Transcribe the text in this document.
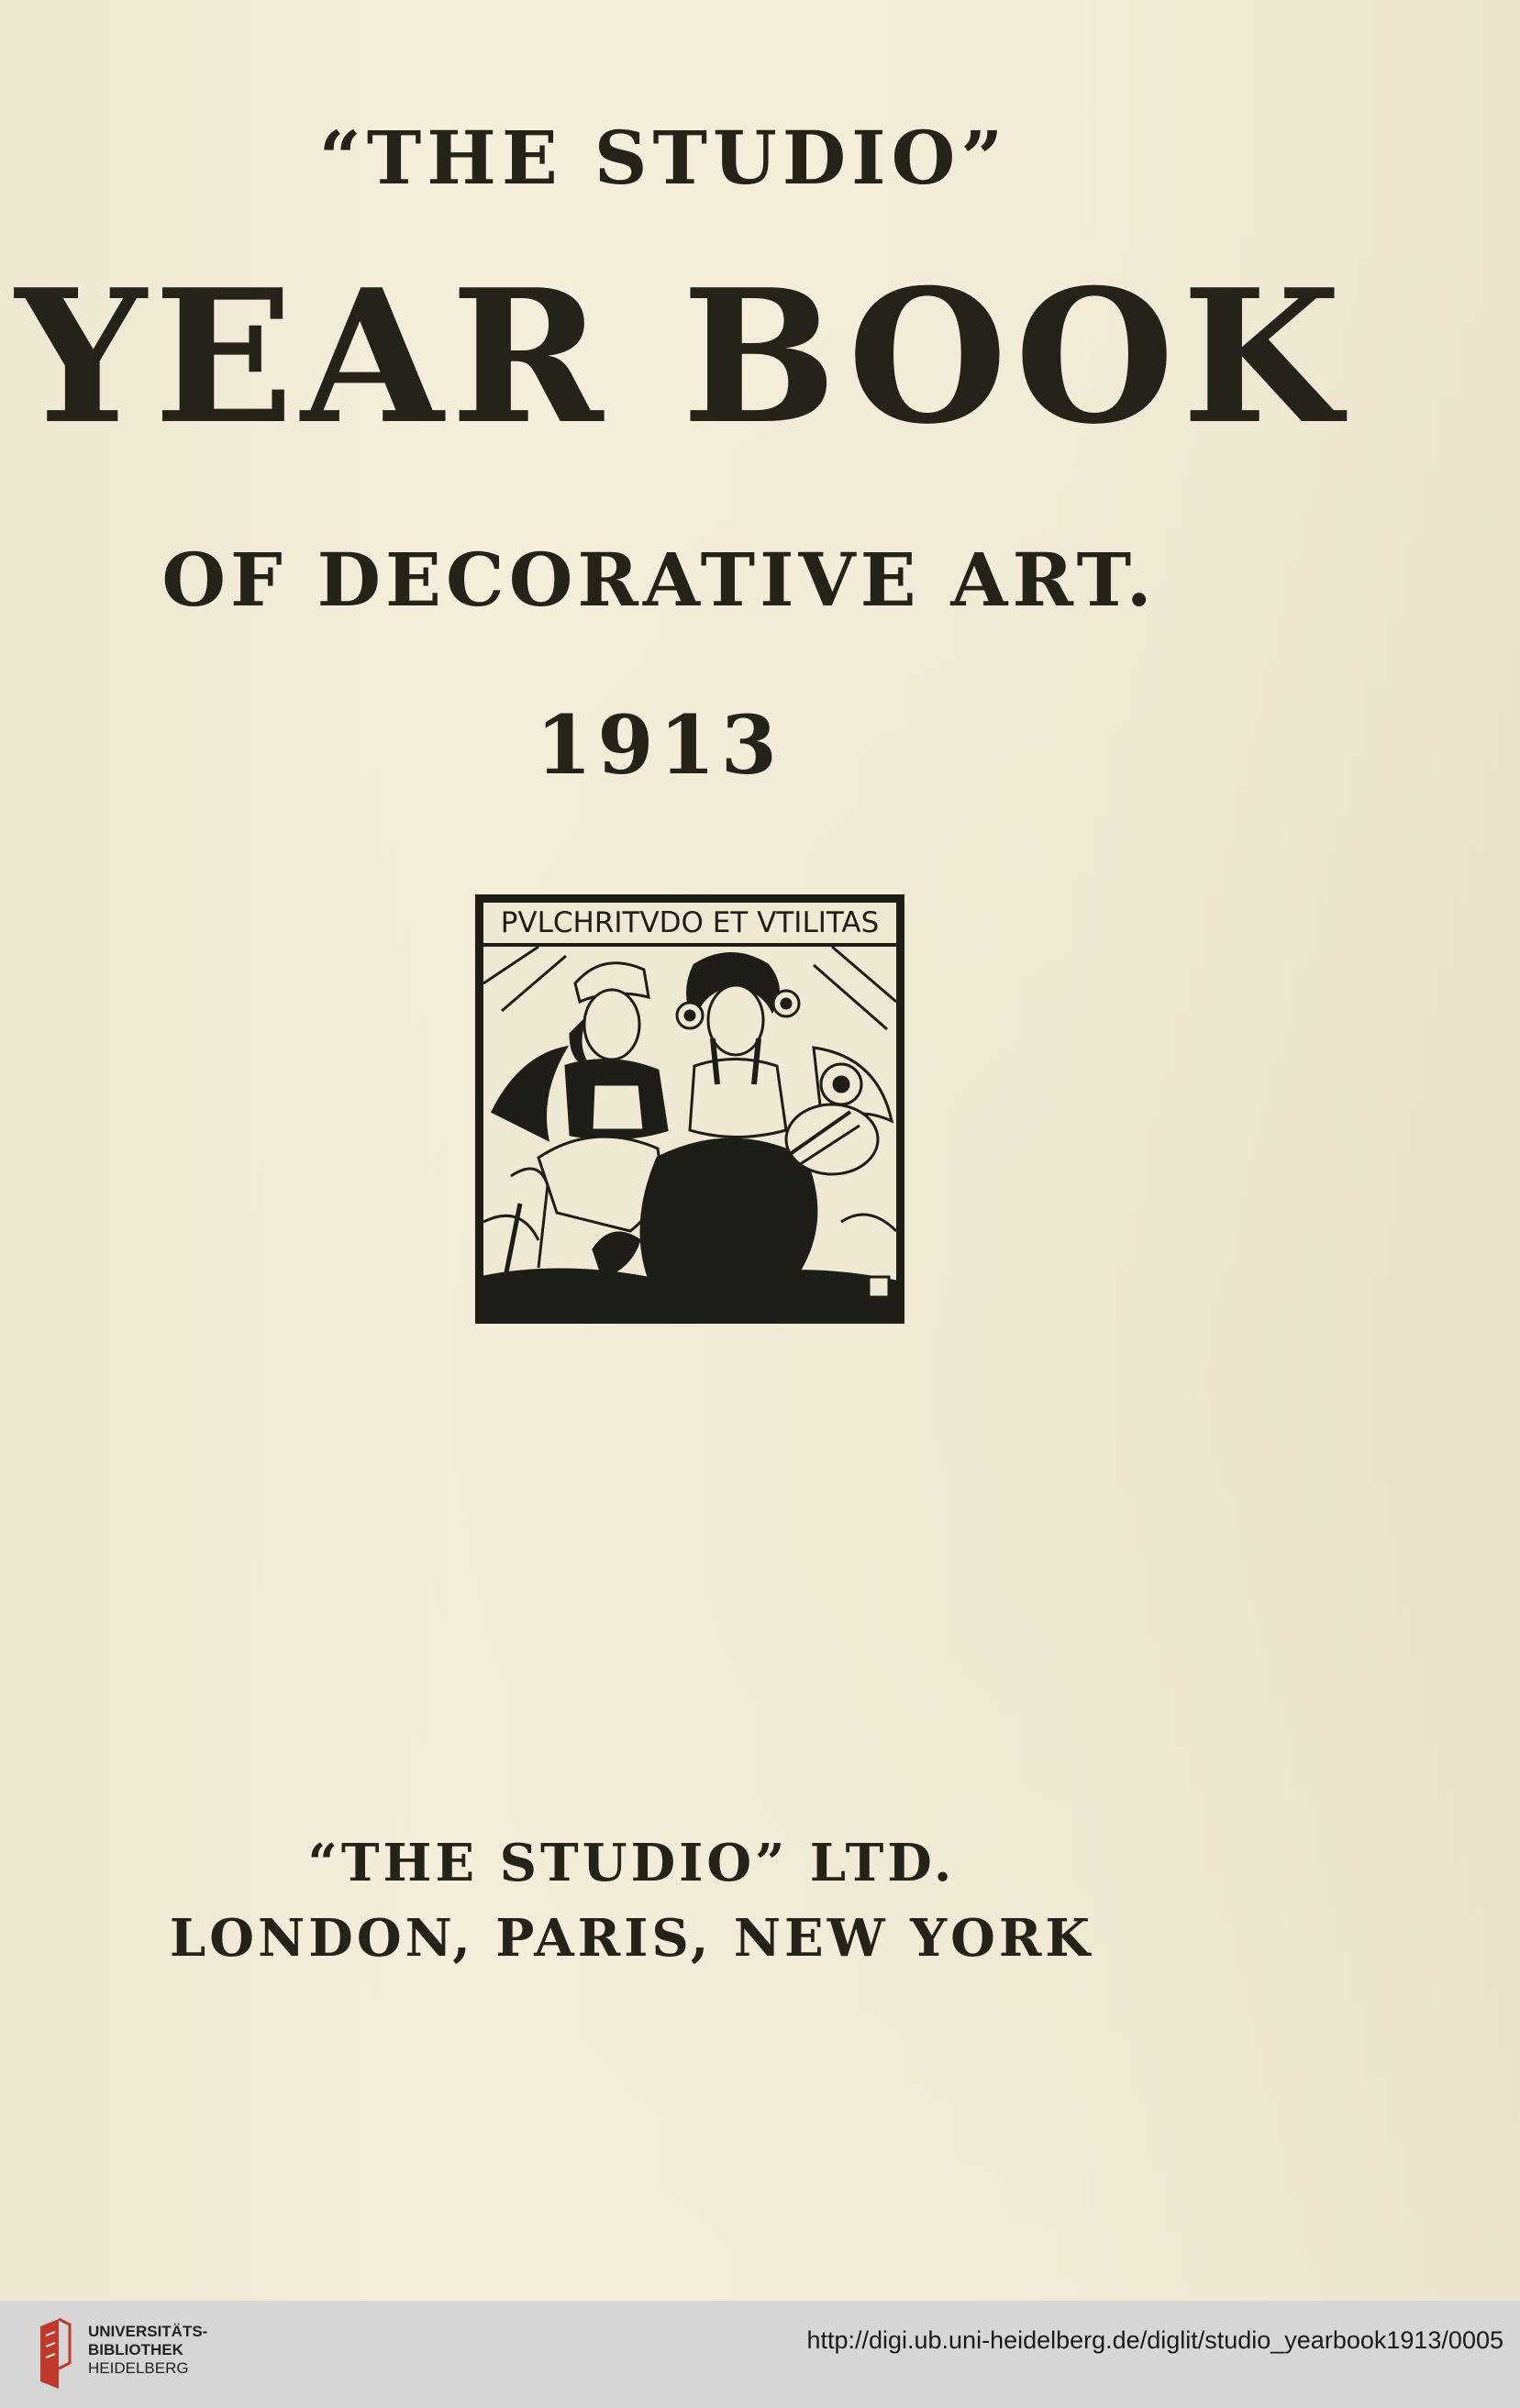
“THE STUDIO”
YEAR BOOK
OF DECORATIVE ART.
1913
PVLCHRITVDO ET VTILITAS
“THE STUDIO” LTD.
LONDON, PARIS, NEW YORK
UNIVERSITÄTS-
BIBLIOTHEK
HEIDELBERG
http://digi.ub.uni-heidelberg.de/diglit/studio_yearbook1913/0005
